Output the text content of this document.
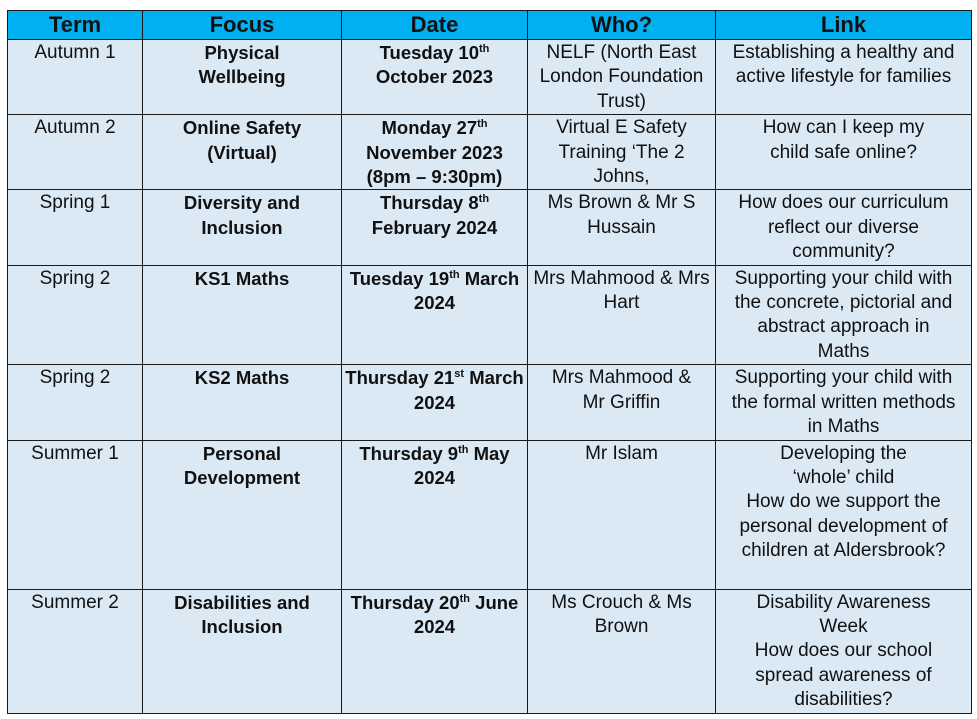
Term	Focus	Date	Who?	Link

Autumn 1	Physical Wellbeing	Tuesday 10th October 2023	NELF (North East London Foundation Trust)	Establishing a healthy and active lifestyle for families

Autumn 2	Online Safety (Virtual)	Monday 27th November 2023 (8pm – 9:30pm)	Virtual E Safety Training ‘The 2 Johns,	How can I keep my child safe online?

Spring 1	Diversity and Inclusion	Thursday 8th February 2024	Ms Brown & Mr S Hussain	How does our curriculum reflect our diverse community?

Spring 2	KS1 Maths	Tuesday 19th March 2024	Mrs Mahmood & Mrs Hart	Supporting your child with the concrete, pictorial and abstract approach in Maths

Spring 2	KS2 Maths	Thursday 21st March 2024	Mrs Mahmood & Mr Griffin	Supporting your child with the formal written methods in Maths

Summer 1	Personal Development	Thursday 9th May 2024	Mr Islam	Developing the ‘whole’ child
How do we support the personal development of children at Aldersbrook?

Summer 2	Disabilities and Inclusion	Thursday 20th June 2024	Ms Crouch & Ms Brown	Disability Awareness Week
How does our school spread awareness of disabilities?
